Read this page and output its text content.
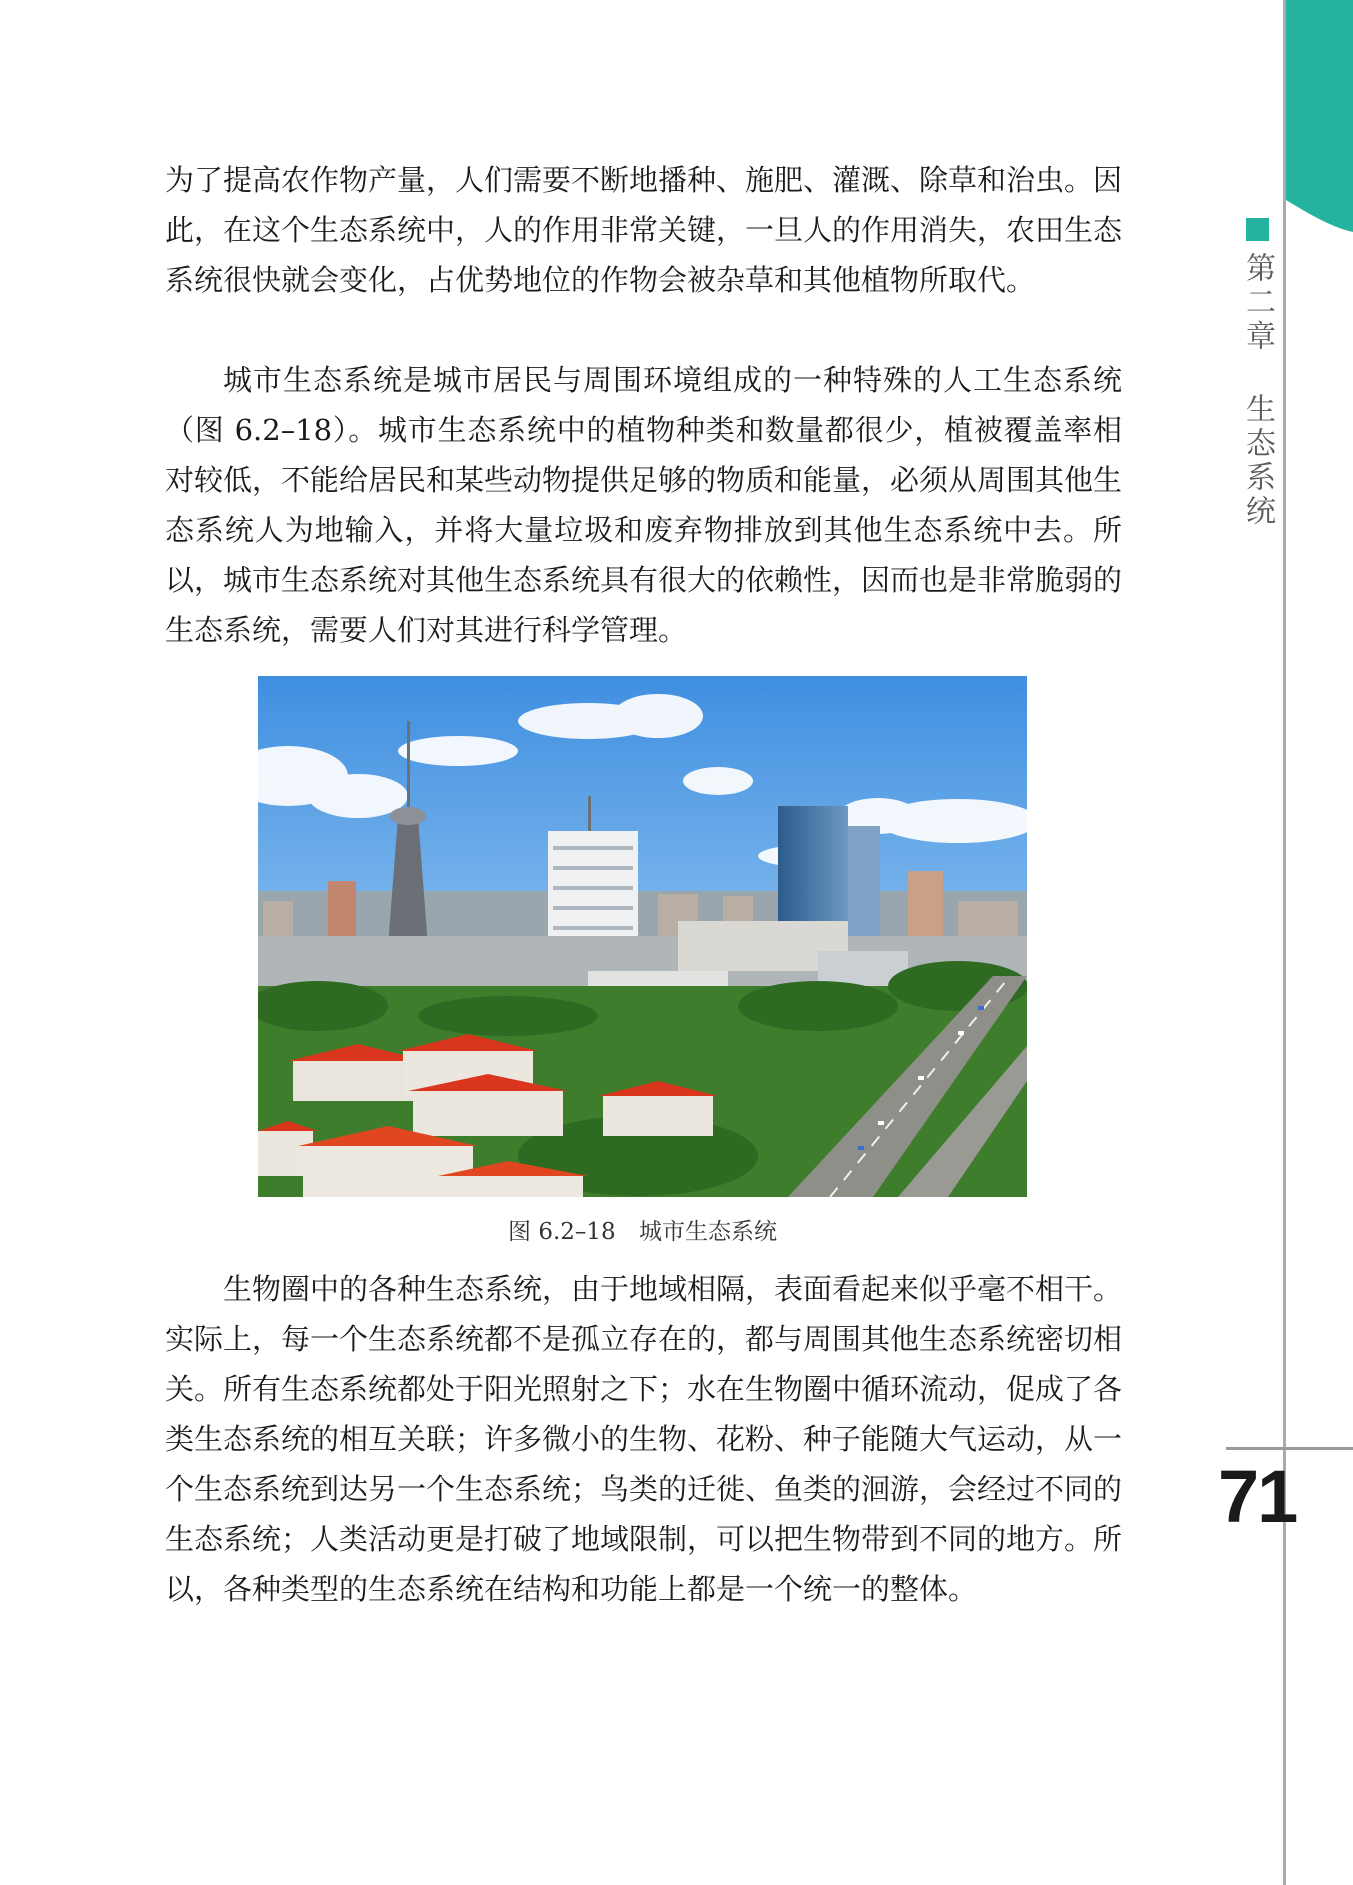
第二章 生态系统
71

为了提高农作物产量，人们需要不断地播种、施肥、灌溉、除草和治虫。因此，在这个生态系统中，人的作用非常关键，一旦人的作用消失，农田生态系统很快就会变化，占优势地位的作物会被杂草和其他植物所取代。

城市生态系统是城市居民与周围环境组成的一种特殊的人工生态系统（图 6.2–18）。城市生态系统中的植物种类和数量都很少，植被覆盖率相对较低，不能给居民和某些动物提供足够的物质和能量，必须从周围其他生态系统人为地输入，并将大量垃圾和废弃物排放到其他生态系统中去。所以，城市生态系统对其他生态系统具有很大的依赖性，因而也是非常脆弱的生态系统，需要人们对其进行科学管理。

图 6.2–18 城市生态系统

生物圈中的各种生态系统，由于地域相隔，表面看起来似乎毫不相干。实际上，每一个生态系统都不是孤立存在的，都与周围其他生态系统密切相关。所有生态系统都处于阳光照射之下；水在生物圈中循环流动，促成了各类生态系统的相互关联；许多微小的生物、花粉、种子能随大气运动，从一个生态系统到达另一个生态系统；鸟类的迁徙、鱼类的洄游，会经过不同的生态系统；人类活动更是打破了地域限制，可以把生物带到不同的地方。所以，各种类型的生态系统在结构和功能上都是一个统一的整体。
